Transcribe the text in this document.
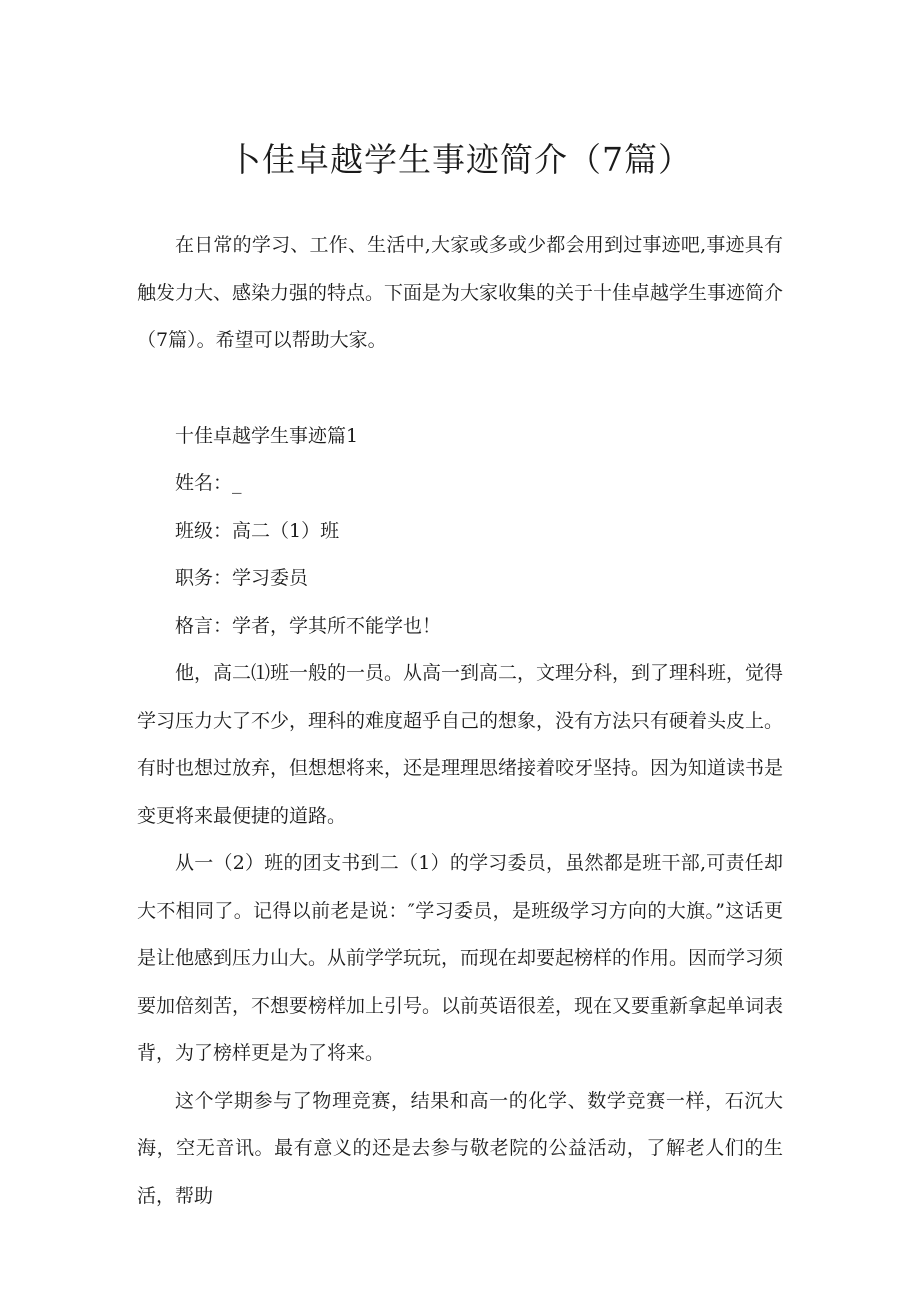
卜佳卓越学生事迹简介（7篇）

在日常的学习、工作、生活中,大家或多或少都会用到过事迹吧,事迹具有触发力大、感染力强的特点。下面是为大家收集的关于十佳卓越学生事迹简介（7篇）。希望可以帮助大家。

十佳卓越学生事迹篇1

姓名：_

班级：高二（1）班

职务：学习委员

格言：学者，学其所不能学也！

他，高二⑴班一般的一员。从高一到高二，文理分科，到了理科班，觉得学习压力大了不少，理科的难度超乎自己的想象，没有方法只有硬着头皮上。有时也想过放弃，但想想将来，还是理理思绪接着咬牙坚持。因为知道读书是变更将来最便捷的道路。

从一（2）班的团支书到二（1）的学习委员，虽然都是班干部,可责任却大不相同了。记得以前老是说：″学习委员，是班级学习方向的大旗。”这话更是让他感到压力山大。从前学学玩玩，而现在却要起榜样的作用。因而学习须要加倍刻苦，不想要榜样加上引号。以前英语很差，现在又要重新拿起单词表背，为了榜样更是为了将来。

这个学期参与了物理竞赛，结果和高一的化学、数学竞赛一样，石沉大海，空无音讯。最有意义的还是去参与敬老院的公益活动，了解老人们的生活，帮助
